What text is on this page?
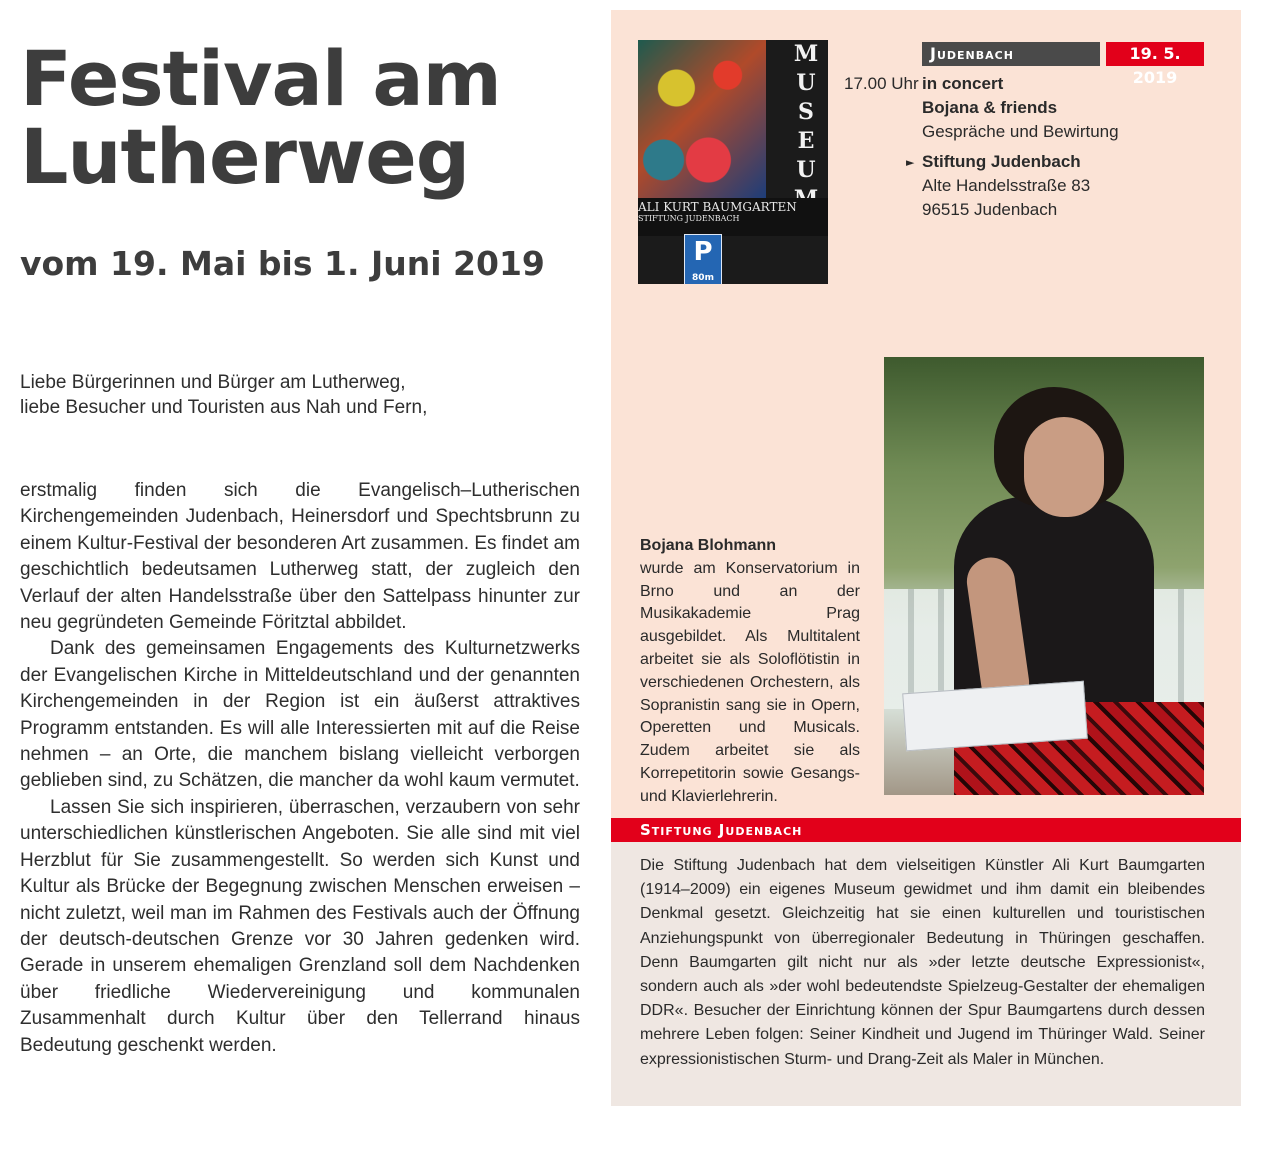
Festival am Lutherweg
vom 19. Mai bis 1. Juni 2019
Liebe Bürgerinnen und Bürger am Lutherweg,
liebe Besucher und Touristen aus Nah und Fern,

erstmalig finden sich die Evangelisch–Lutherischen Kirchengemeinden Judenbach, Heinersdorf und Spechtsbrunn zu einem Kultur-Festival der besonderen Art zusammen. Es findet am geschichtlich bedeutsamen Lutherweg statt, der zugleich den Verlauf der alten Handelsstraße über den Sattelpass hinunter zur neu gegründeten Gemeinde Föritztal abbildet.

Dank des gemeinsamen Engagements des Kulturnetzwerks der Evangelischen Kirche in Mitteldeutschland und der genannten Kirchengemeinden in der Region ist ein äußerst attraktives Programm entstanden. Es will alle Interessierten mit auf die Reise nehmen – an Orte, die manchem bislang vielleicht verborgen geblieben sind, zu Schätzen, die mancher da wohl kaum vermutet.

Lassen Sie sich inspirieren, überraschen, verzaubern von sehr unterschiedlichen künstlerischen Angeboten. Sie alle sind mit viel Herzblut für Sie zusammengestellt. So werden sich Kunst und Kultur als Brücke der Begegnung zwischen Menschen erweisen – nicht zuletzt, weil man im Rahmen des Festivals auch der Öffnung der deutsch-deutschen Grenze vor 30 Jahren gedenken wird. Gerade in unserem ehemaligen Grenzland soll dem Nachdenken über friedliche Wiedervereinigung und kommunalen Zusammenhalt durch Kultur über den Tellerrand hinaus Bedeutung geschenkt werden.

M
U
S
E
U

ALI KURT BAUMGARTEN
STIFTUNG JUDENBACH
P
80m
Judenbach	19. 5. 2019
17.00 Uhr in concert
Bojana & friends
Gespräche und Bewirtung
Stiftung Judenbach
Alte Handelsstraße 83
96515 Judenbach
►
Bojana Blohmann
wurde am Konservatorium in Brno und an der Musikakademie Prag ausgebildet. Als Multitalent arbeitet sie als Soloflötistin in verschiedenen Orchestern, als Sopranistin sang sie in Opern, Operetten und Musicals. Zudem arbeitet sie als Korrepetitorin sowie Gesangs- und Klavierlehrerin.
Stiftung Judenbach
Die Stiftung Judenbach hat dem vielseitigen Künstler Ali Kurt Baumgarten (1914–2009) ein eigenes Museum gewidmet und ihm damit ein bleibendes Denkmal gesetzt. Gleichzeitig hat sie einen kulturellen und touristischen Anziehungspunkt von überregionaler Bedeutung in Thüringen geschaffen. Denn Baumgarten gilt nicht nur als »der letzte deutsche Expressionist«, sondern auch als »der wohl bedeutendste Spielzeug-Gestalter der ehemaligen DDR«. Besucher der Einrichtung können der Spur Baumgartens durch dessen mehrere Leben folgen: Seiner Kindheit und Jugend im Thüringer Wald. Seiner expressionistischen Sturm- und Drang-Zeit als Maler in München.
